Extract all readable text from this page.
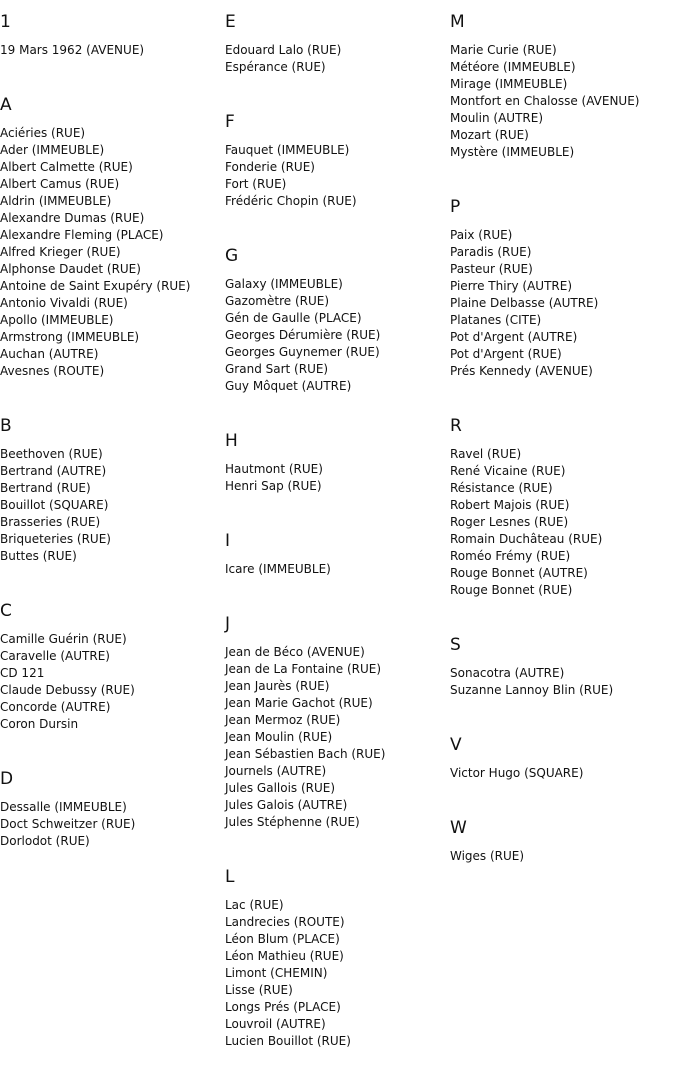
1
19 Mars 1962 (AVENUE)
A
Aciéries (RUE)
Ader (IMMEUBLE)
Albert Calmette (RUE)
Albert Camus (RUE)
Aldrin (IMMEUBLE)
Alexandre Dumas (RUE)
Alexandre Fleming (PLACE)
Alfred Krieger (RUE)
Alphonse Daudet (RUE)
Antoine de Saint Exupéry (RUE)
Antonio Vivaldi (RUE)
Apollo (IMMEUBLE)
Armstrong (IMMEUBLE)
Auchan (AUTRE)
Avesnes (ROUTE)
B
Beethoven (RUE)
Bertrand (AUTRE)
Bertrand (RUE)
Bouillot (SQUARE)
Brasseries (RUE)
Briqueteries (RUE)
Buttes (RUE)
C
Camille Guérin (RUE)
Caravelle (AUTRE)
CD 121
Claude Debussy (RUE)
Concorde (AUTRE)
Coron Dursin
D
Dessalle (IMMEUBLE)
Doct Schweitzer (RUE)
Dorlodot (RUE)
E
Edouard Lalo (RUE)
Espérance (RUE)
F
Fauquet (IMMEUBLE)
Fonderie (RUE)
Fort (RUE)
Frédéric Chopin (RUE)
G
Galaxy (IMMEUBLE)
Gazomètre (RUE)
Gén de Gaulle (PLACE)
Georges Dérumière (RUE)
Georges Guynemer (RUE)
Grand Sart (RUE)
Guy Môquet (AUTRE)
H
Hautmont (RUE)
Henri Sap (RUE)
I
Icare (IMMEUBLE)
J
Jean de Béco (AVENUE)
Jean de La Fontaine (RUE)
Jean Jaurès (RUE)
Jean Marie Gachot (RUE)
Jean Mermoz (RUE)
Jean Moulin (RUE)
Jean Sébastien Bach (RUE)
Journels (AUTRE)
Jules Gallois (RUE)
Jules Galois (AUTRE)
Jules Stéphenne (RUE)
L
Lac (RUE)
Landrecies (ROUTE)
Léon Blum (PLACE)
Léon Mathieu (RUE)
Limont (CHEMIN)
Lisse (RUE)
Longs Prés (PLACE)
Louvroil (AUTRE)
Lucien Bouillot (RUE)
M
Marie Curie (RUE)
Météore (IMMEUBLE)
Mirage (IMMEUBLE)
Montfort en Chalosse (AVENUE)
Moulin (AUTRE)
Mozart (RUE)
Mystère (IMMEUBLE)
P
Paix (RUE)
Paradis (RUE)
Pasteur (RUE)
Pierre Thiry (AUTRE)
Plaine Delbasse (AUTRE)
Platanes (CITE)
Pot d'Argent (AUTRE)
Pot d'Argent (RUE)
Prés Kennedy (AVENUE)
R
Ravel (RUE)
René Vicaine (RUE)
Résistance (RUE)
Robert Majois (RUE)
Roger Lesnes (RUE)
Romain Duchâteau (RUE)
Roméo Frémy (RUE)
Rouge Bonnet (AUTRE)
Rouge Bonnet (RUE)
S
Sonacotra (AUTRE)
Suzanne Lannoy Blin (RUE)
V
Victor Hugo (SQUARE)
W
Wiges (RUE)
